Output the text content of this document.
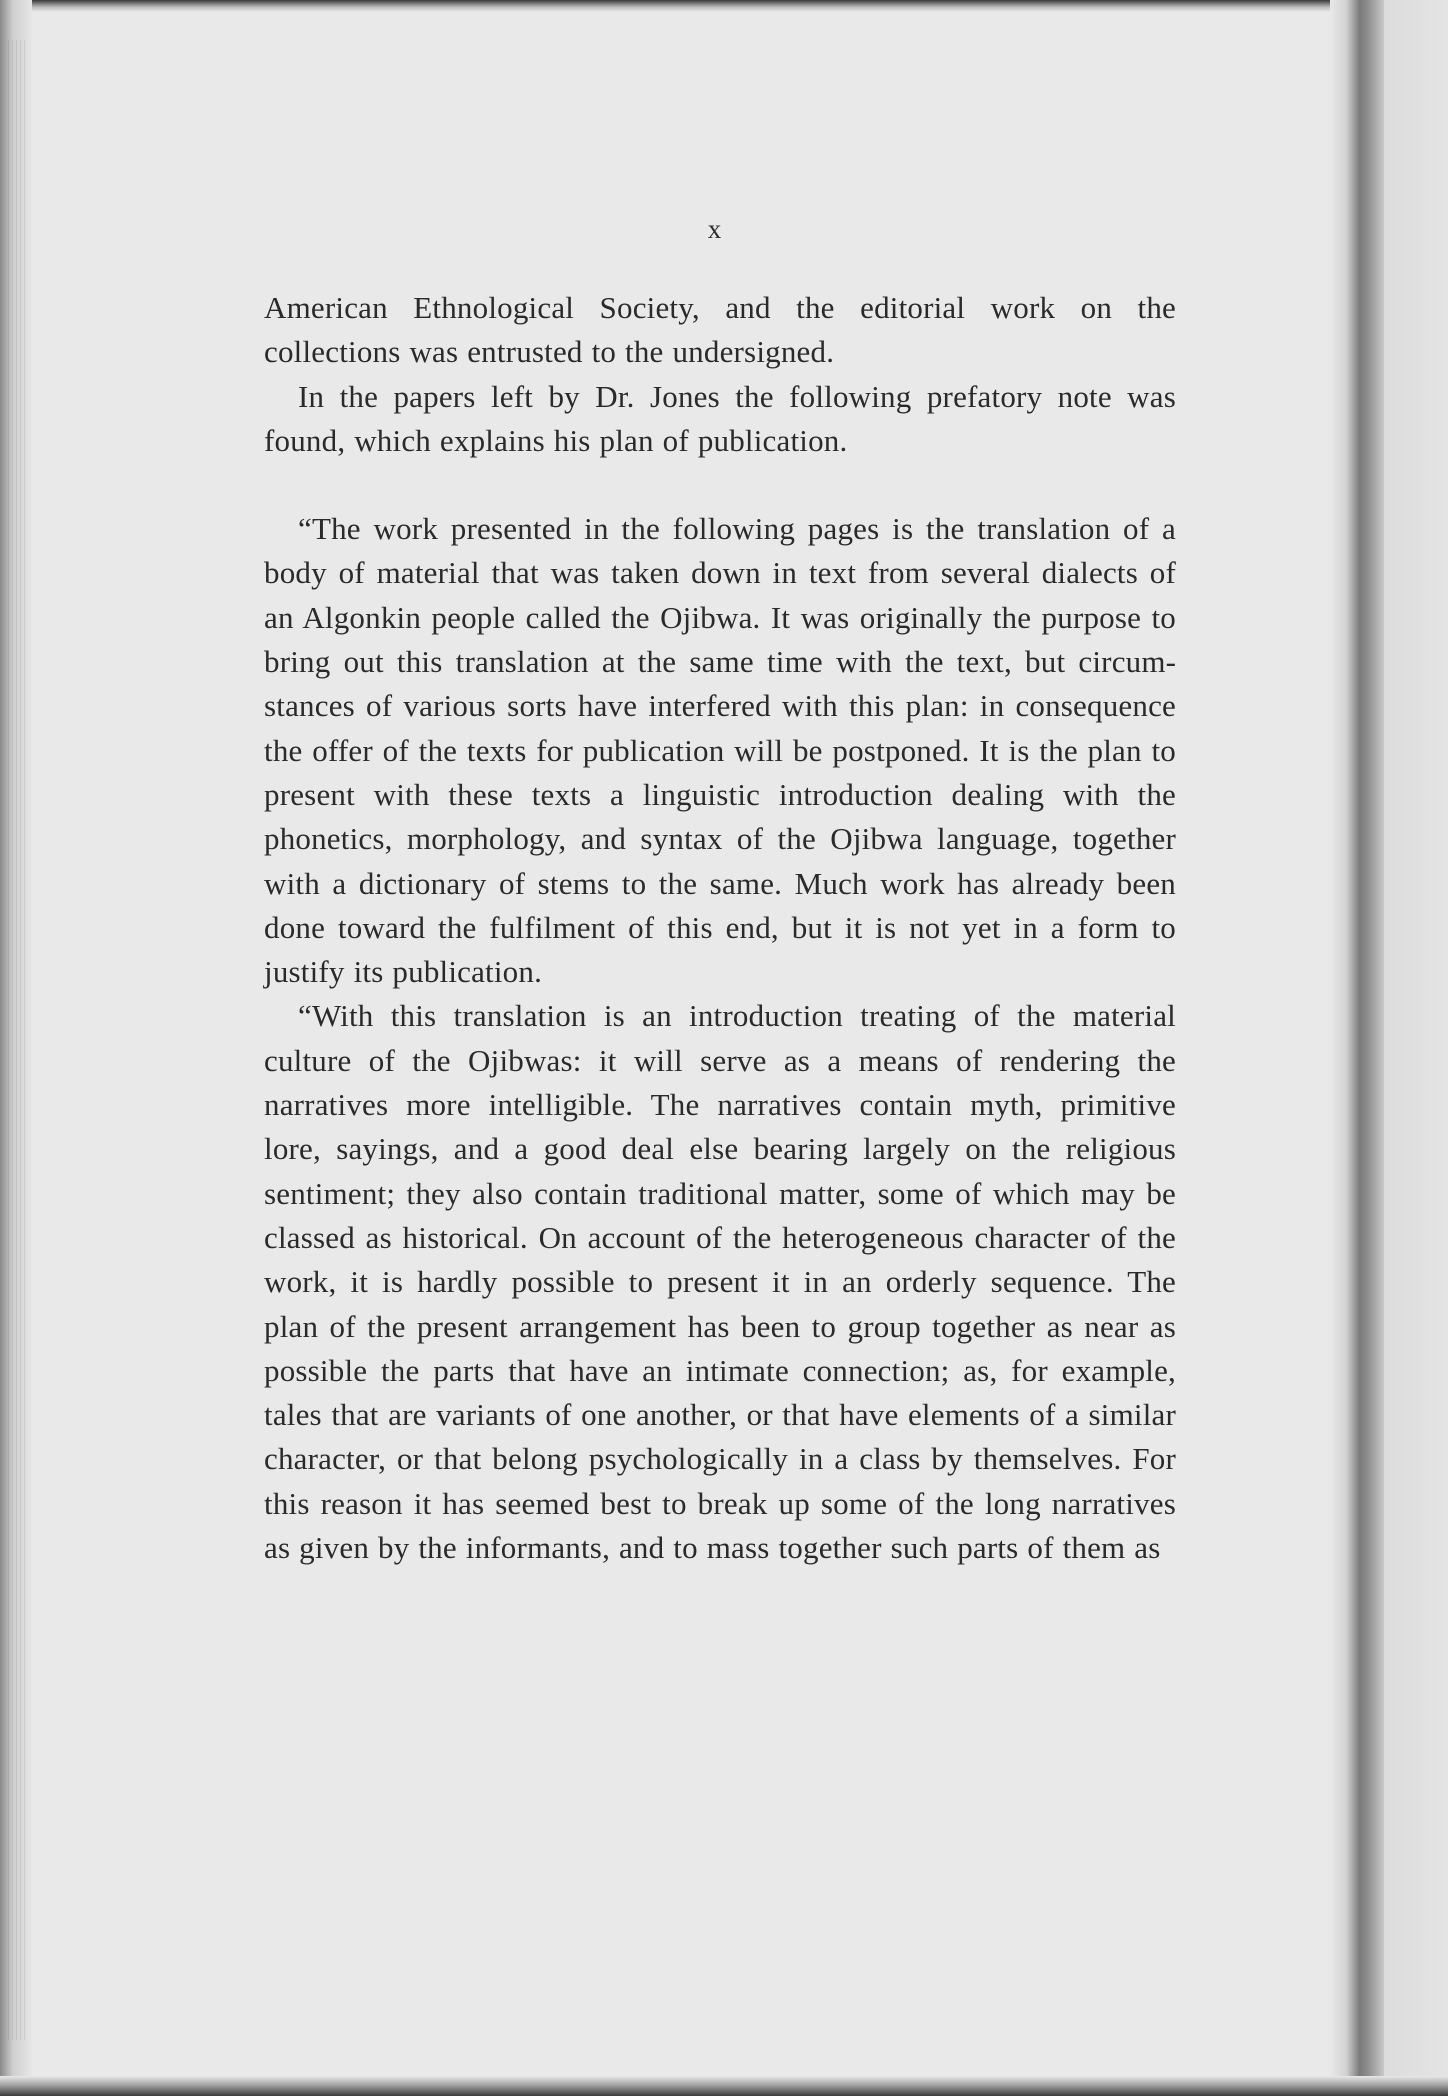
x

American Ethnological Society, and the editorial work on the collections was entrusted to the undersigned.

In the papers left by Dr. Jones the following prefatory note was found, which explains his plan of publication.

“The work presented in the following pages is the translation of a body of material that was taken down in text from several dialects of an Algonkin people called the Ojibwa. It was originally the purpose to bring out this translation at the same time with the text, but circumstances of various sorts have interfered with this plan: in consequence the offer of the texts for publication will be postponed. It is the plan to present with these texts a linguistic introduction dealing with the phonetics, morphology, and syntax of the Ojibwa language, together with a dictionary of stems to the same. Much work has already been done toward the fulfilment of this end, but it is not yet in a form to justify its publication.

“With this translation is an introduction treating of the material culture of the Ojibwas: it will serve as a means of rendering the narratives more intelligible. The narratives contain myth, primitive lore, sayings, and a good deal else bearing largely on the religious sentiment; they also contain traditional matter, some of which may be classed as historical. On account of the heterogeneous character of the work, it is hardly possible to present it in an orderly sequence. The plan of the present arrangement has been to group together as near as possible the parts that have an intimate connection; as, for example, tales that are variants of one another, or that have elements of a similar character, or that belong psychologically in a class by themselves. For this reason it has seemed best to break up some of the long narratives as given by the informants, and to mass together such parts of them as
